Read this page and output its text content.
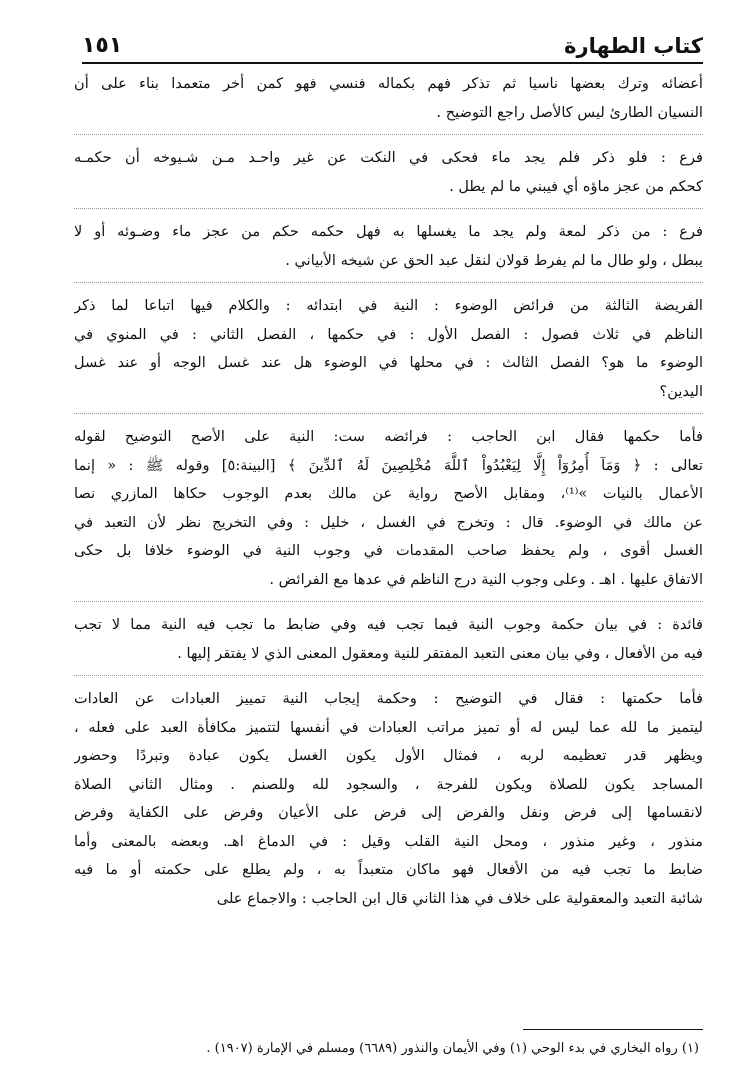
كتاب الطهارة
١٥١
أعضائه وترك بعضها ناسيا ثم تذكر فهم بكماله فنسي فهو كمن أخر متعمدا بناء على أن
النسيان الطارئ ليس كالأصل راجع التوضيح .
فرع : فلو ذكر فلم يجد ماء فحكى في النكت عن غير واحـد مـن شـيوخه أن حكمـه
كحكم من عجز ماؤه أي فيبني ما لم يطل .
فرع : من ذكر لمعة ولم يجد ما يغسلها به فهل حكمه حكم من عجز ماء وضـوئه أو لا
يبطل ، ولو طال ما لم يفرط قولان لنقل عبد الحق عن شيخه الأبياني .
الفريضة الثالثة من فرائض الوضوء : النية في ابتدائه : والكلام فيها اتباعا لما ذكر
الناظم في ثلاث فصول : الفصل الأول : في حكمها ، الفصل الثاني : في المنوي في
الوضوء ما هو؟ الفصل الثالث : في محلها في الوضوء هل عند غسل الوجه أو عند غسل
اليدين؟
فأما حكمها فقال ابن الحاجب : فرائضه ست: النية على الأصح التوضيح لقوله
تعالى : ﴿ وَمَآ أُمِرُوٓاْ إِلَّا لِيَعْبُدُواْ ٱللَّهَ مُخْلِصِينَ لَهُ ٱلدِّينَ ﴾ [البينة:٥] وقوله ﷺ : « إنما
الأعمال بالنيات »⁽¹⁾، ومقابل الأصح رواية عن مالك بعدم الوجوب حكاها المازري نصا
عن مالك في الوضوء. قال : وتخرج في الغسل ، خليل : وفي التخريج نظر لأن التعبد في
الغسل أقوى ، ولم يحفظ صاحب المقدمات في وجوب النية في الوضوء خلافا بل حكى
الاتفاق عليها . اهـ . وعلى وجوب النية درج الناظم في عدها مع الفرائض .
فائدة : في بيان حكمة وجوب النية فيما تجب فيه وفي ضابط ما تجب فيه النية مما لا تجب
فيه من الأفعال ، وفي بيان معنى التعبد المفتقر للنية ومعقول المعنى الذي لا يفتقر إليها .
فأما حكمتها : فقال في التوضيح : وحكمة إيجاب النية تمييز العبادات عن العادات
ليتميز ما لله عما ليس له أو تميز مراتب العبادات في أنفسها لتتميز مكافأة العبد على فعله ،
ويظهر قدر تعظيمه لربه ، فمثال الأول يكون الغسل يكون عبادة وتبردًا وحضور
المساجد يكون للصلاة ويكون للفرجة ، والسجود لله وللصنم . ومثال الثاني الصلاة
لانقسامها إلى فرض ونفل والفرض إلى فرض على الأعيان وفرض على الكفاية وفرض
منذور ، وغير منذور ، ومحل النية القلب وقيل : في الدماغ اهـ. وبعضه بالمعنى وأما
ضابط ما تجب فيه من الأفعال فهو ماكان متعبداً به ، ولم يطلع على حكمته أو ما فيه
شائبة التعبد والمعقولية على خلاف في هذا الثاني قال ابن الحاجب : والاجماع على
(١) رواه البخاري في بدء الوحي (١) وفي الأيمان والنذور (٦٦٨٩) ومسلم في الإمارة (١٩٠٧) .
